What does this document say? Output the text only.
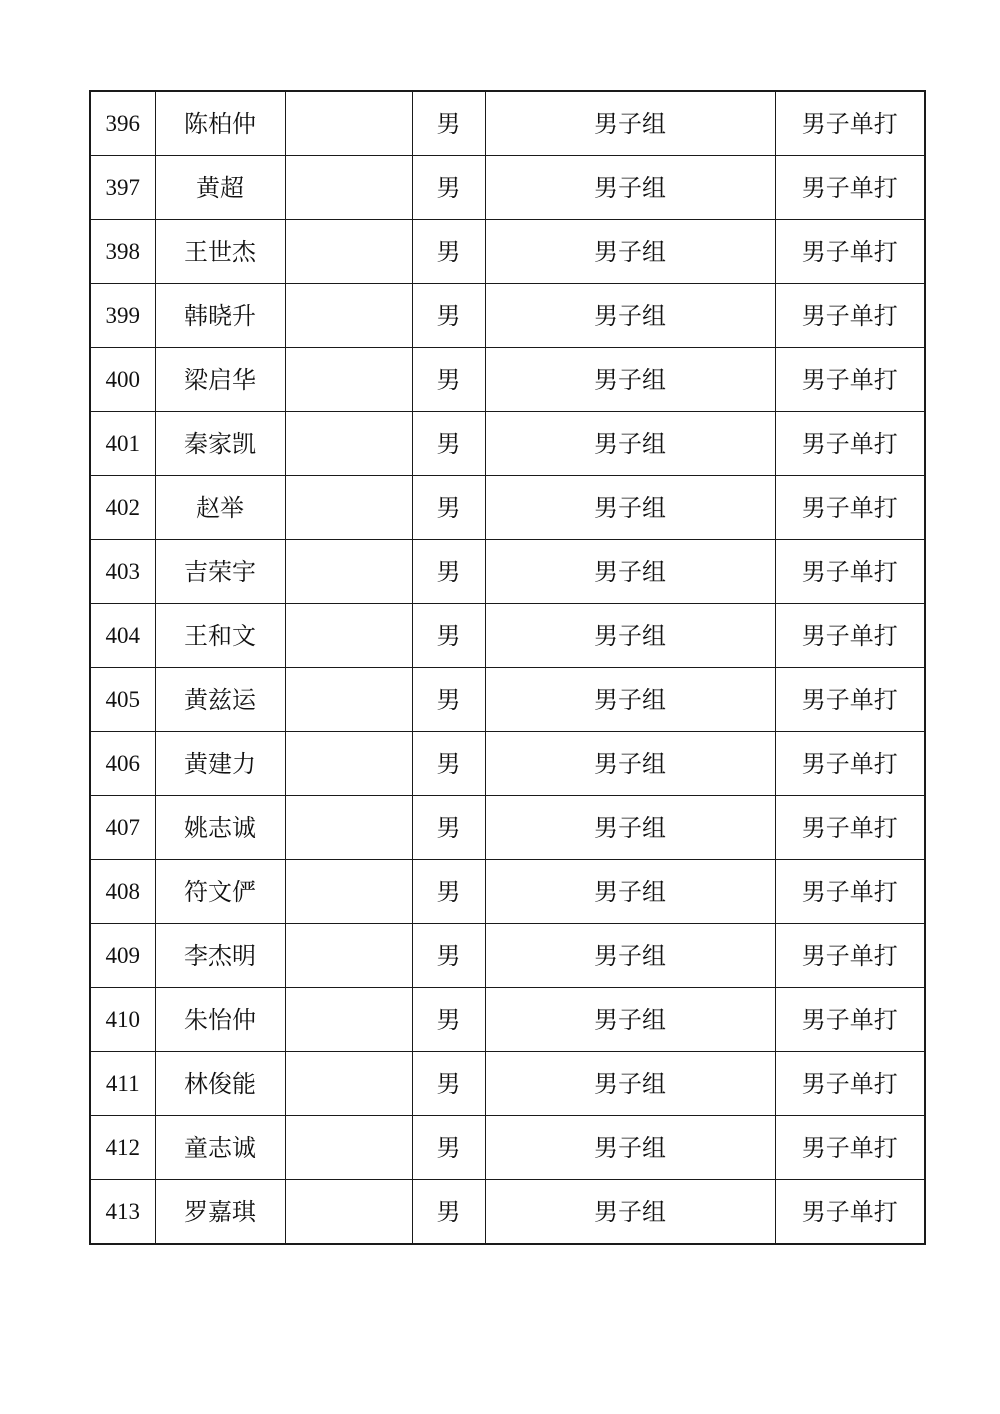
396	陈柏仲		男	男子组	男子单打
397	黄超		男	男子组	男子单打
398	王世杰		男	男子组	男子单打
399	韩晓升		男	男子组	男子单打
400	梁启华		男	男子组	男子单打
401	秦家凯		男	男子组	男子单打
402	赵举		男	男子组	男子单打
403	吉荣宇		男	男子组	男子单打
404	王和文		男	男子组	男子单打
405	黄兹运		男	男子组	男子单打
406	黄建力		男	男子组	男子单打
407	姚志诚		男	男子组	男子单打
408	符文俨		男	男子组	男子单打
409	李杰明		男	男子组	男子单打
410	朱怡仲		男	男子组	男子单打
411	林俊能		男	男子组	男子单打
412	童志诚		男	男子组	男子单打
413	罗嘉琪		男	男子组	男子单打
